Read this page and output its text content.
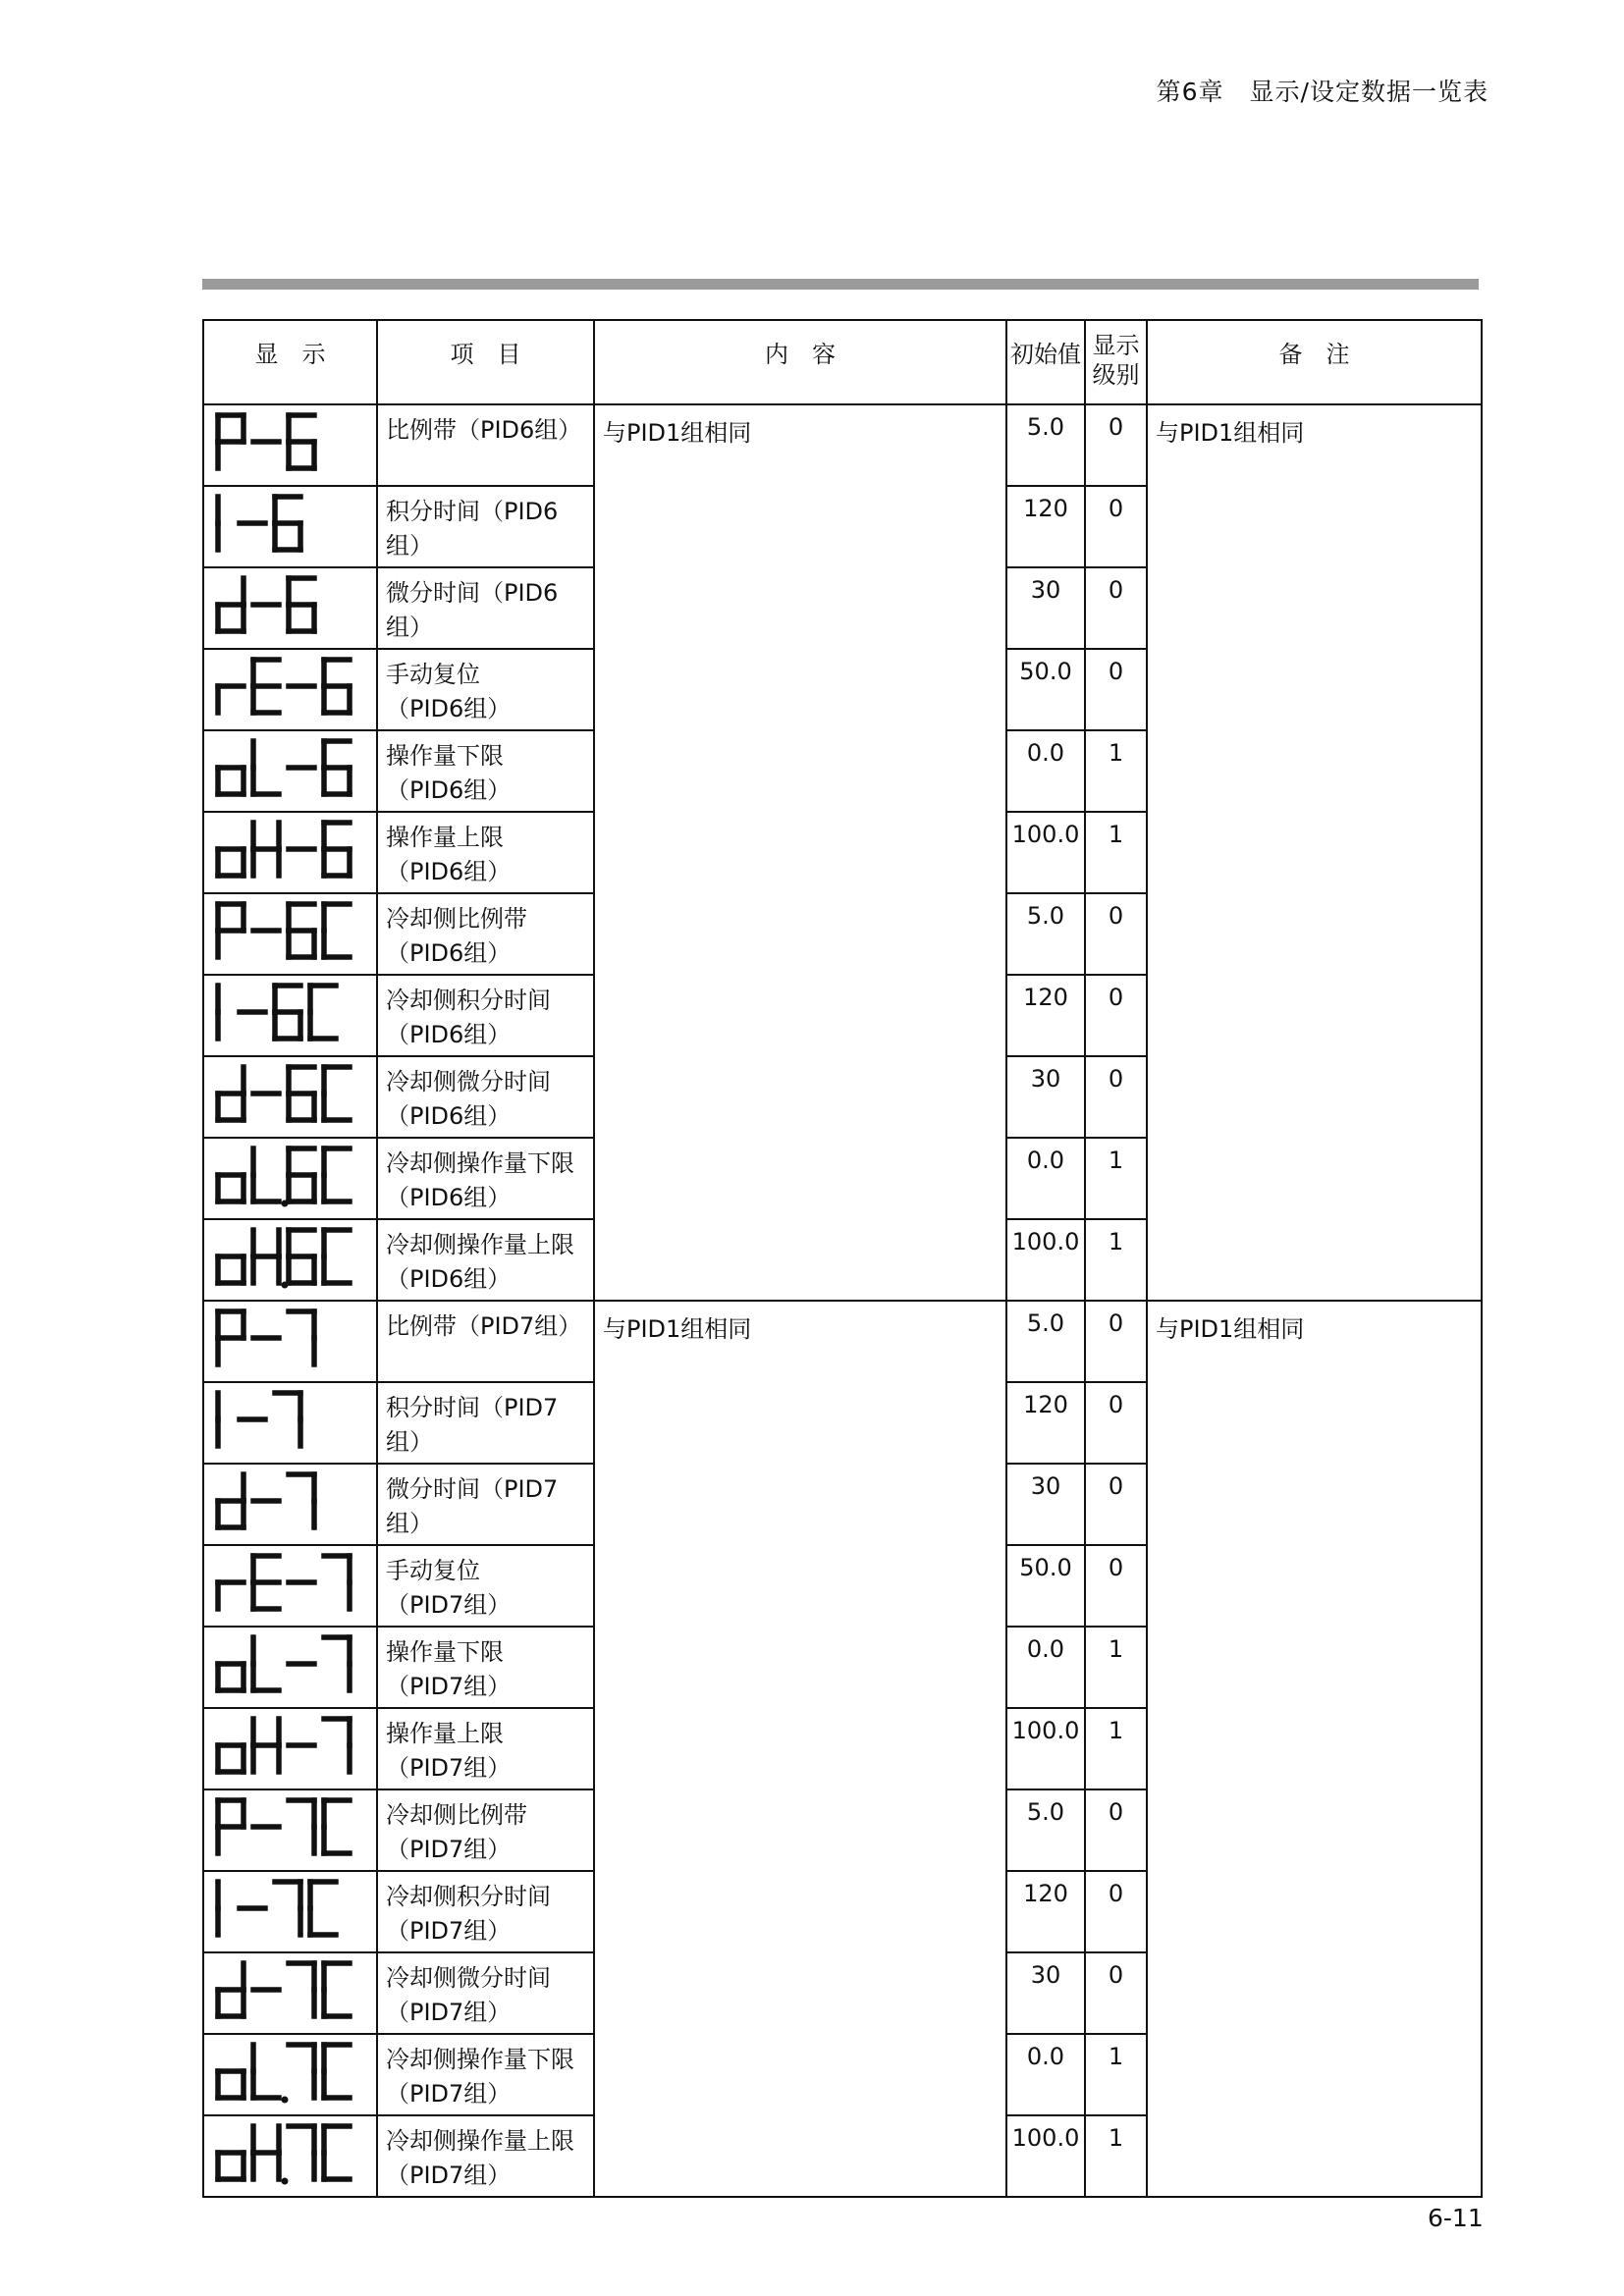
第6章　显示/设定数据一览表
显　示	项　目	内　容	初始值	显示级别	备　注

	比例带（PID6组）	与PID1组相同	5.0	0	与PID1组相同

	积分时间（PID6组）		120	0	

	微分时间（PID6组）		30	0	

	手动复位
（PID6组）		50.0	0	

	操作量下限
（PID6组）		0.0	1	

	操作量上限
（PID6组）		100.0	1	

	冷却侧比例带
（PID6组）		5.0	0	

	冷却侧积分时间
（PID6组）		120	0	

	冷却侧微分时间
（PID6组）		30	0	

	冷却侧操作量下限
（PID6组）		0.0	1	

	冷却侧操作量上限
（PID6组）		100.0	1	

	比例带（PID7组）	与PID1组相同	5.0	0	与PID1组相同

	积分时间（PID7组）		120	0	

	微分时间（PID7组）		30	0	

	手动复位
（PID7组）		50.0	0	

	操作量下限
（PID7组）		0.0	1	

	操作量上限
（PID7组）		100.0	1	

	冷却侧比例带
（PID7组）		5.0	0	

	冷却侧积分时间
（PID7组）		120	0	

	冷却侧微分时间
（PID7组）		30	0	

	冷却侧操作量下限
（PID7组）		0.0	1	

	冷却侧操作量上限
（PID7组）		100.0	1	
6-11
